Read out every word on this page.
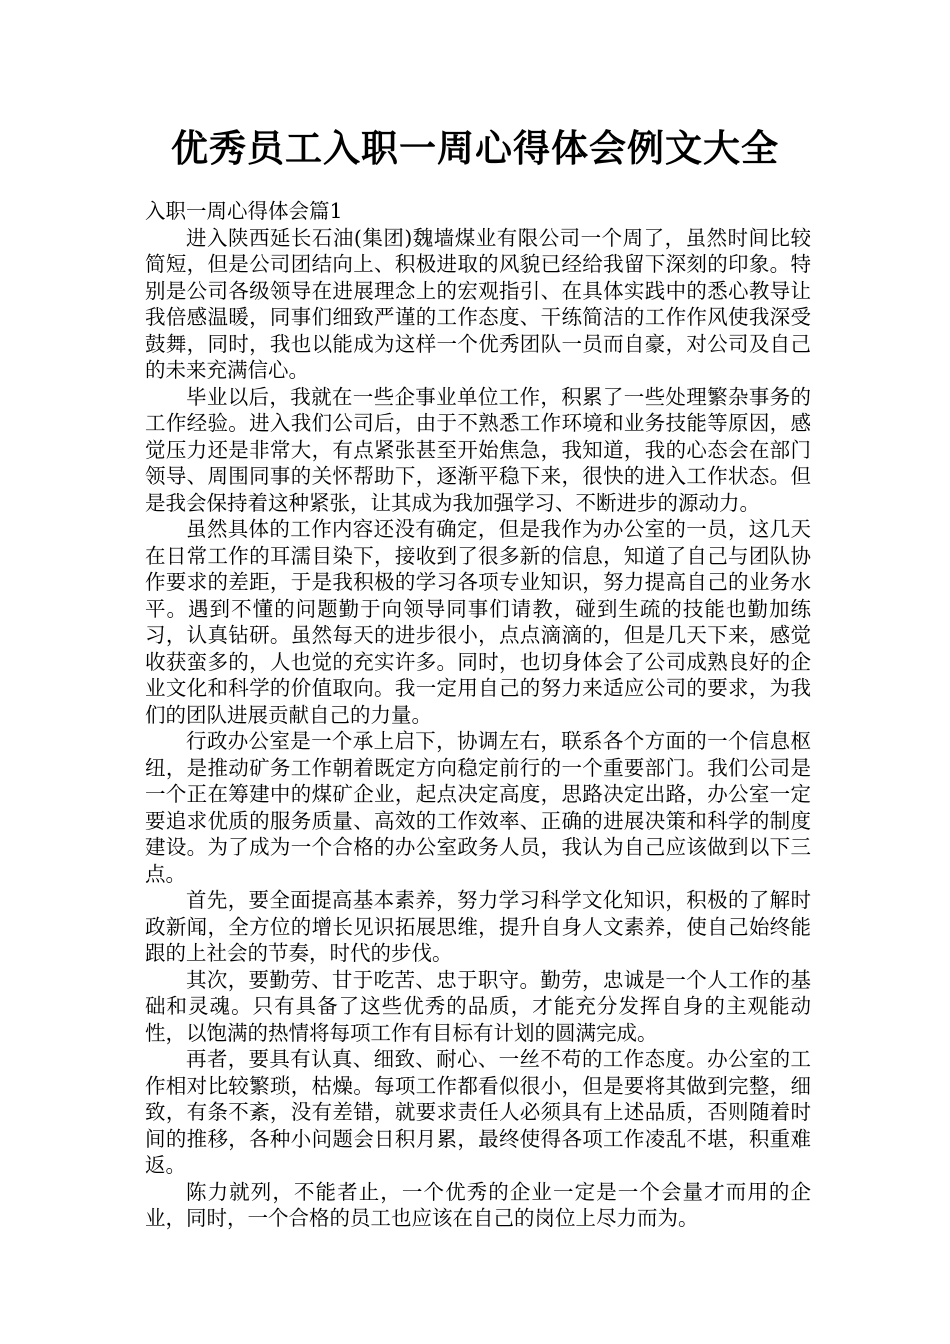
优秀员工入职一周心得体会例文大全
入职一周心得体会篇1

进入陕西延长石油(集团)魏墙煤业有限公司一个周了，虽然时间比较简短，但是公司团结向上、积极进取的风貌已经给我留下深刻的印象。特别是公司各级领导在进展理念上的宏观指引、在具体实践中的悉心教导让我倍感温暖，同事们细致严谨的工作态度、干练简洁的工作作风使我深受鼓舞，同时，我也以能成为这样一个优秀团队一员而自豪，对公司及自己的未来充满信心。

毕业以后，我就在一些企事业单位工作，积累了一些处理繁杂事务的工作经验。进入我们公司后，由于不熟悉工作环境和业务技能等原因，感觉压力还是非常大，有点紧张甚至开始焦急，我知道，我的心态会在部门领导、周围同事的关怀帮助下，逐渐平稳下来，很快的进入工作状态。但是我会保持着这种紧张，让其成为我加强学习、不断进步的源动力。

虽然具体的工作内容还没有确定，但是我作为办公室的一员，这几天在日常工作的耳濡目染下，接收到了很多新的信息，知道了自己与团队协作要求的差距，于是我积极的学习各项专业知识，努力提高自己的业务水平。遇到不懂的问题勤于向领导同事们请教，碰到生疏的技能也勤加练习，认真钻研。虽然每天的进步很小，点点滴滴的，但是几天下来，感觉收获蛮多的，人也觉的充实许多。同时，也切身体会了公司成熟良好的企业文化和科学的价值取向。我一定用自己的努力来适应公司的要求，为我们的团队进展贡献自己的力量。

行政办公室是一个承上启下，协调左右，联系各个方面的一个信息枢纽，是推动矿务工作朝着既定方向稳定前行的一个重要部门。我们公司是一个正在筹建中的煤矿企业，起点决定高度，思路决定出路，办公室一定要追求优质的服务质量、高效的工作效率、正确的进展决策和科学的制度建设。为了成为一个合格的办公室政务人员，我认为自己应该做到以下三点。

首先，要全面提高基本素养，努力学习科学文化知识，积极的了解时政新闻，全方位的增长见识拓展思维，提升自身人文素养，使自己始终能跟的上社会的节奏，时代的步伐。

其次，要勤劳、甘于吃苦、忠于职守。勤劳，忠诚是一个人工作的基础和灵魂。只有具备了这些优秀的品质，才能充分发挥自身的主观能动性，以饱满的热情将每项工作有目标有计划的圆满完成。

再者，要具有认真、细致、耐心、一丝不苟的工作态度。办公室的工作相对比较繁琐，枯燥。每项工作都看似很小，但是要将其做到完整，细致，有条不紊，没有差错，就要求责任人必须具有上述品质，否则随着时间的推移，各种小问题会日积月累，最终使得各项工作凌乱不堪，积重难返。

陈力就列，不能者止，一个优秀的企业一定是一个会量才而用的企业，同时，一个合格的员工也应该在自己的岗位上尽力而为。
